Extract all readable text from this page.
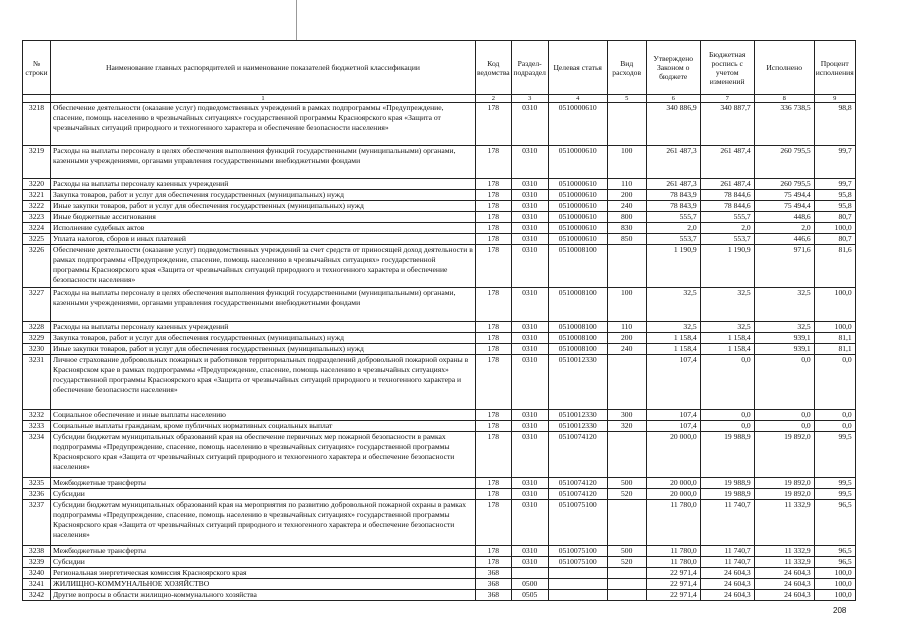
№ строки	Наименование главных распорядителей и наименование показателей бюджетной классификации	Код ведомства	Раздел-подраздел	Целевая статья	Вид расходов	Утверждено Законом о бюджете	Бюджетная роспись с учетом изменений	Исполнено	Процент исполнения
	1	2	3	4	5	6	7	8	9
3218	Обеспечение деятельности (оказание услуг) подведомственных учреждений в рамках подпрограммы «Предупреждение, спасение, помощь населению в чрезвычайных ситуациях» государственной программы Красноярского края «Защита от чрезвычайных ситуаций природного и техногенного характера и обеспечение безопасности населения»	178	0310	0510000610		340 886,9	340 887,7	336 738,5	98,8
3219	Расходы на выплаты персоналу в целях обеспечения выполнения функций государственными (муниципальными) органами, казенными учреждениями, органами управления государственными внебюджетными фондами	178	0310	0510000610	100	261 487,3	261 487,4	260 795,5	99,7
3220	Расходы на выплаты персоналу казенных учреждений	178	0310	0510000610	110	261 487,3	261 487,4	260 795,5	99,7
3221	Закупка товаров, работ и услуг для обеспечения государственных (муниципальных) нужд	178	0310	0510000610	200	78 843,9	78 844,6	75 494,4	95,8
3222	Иные закупки товаров, работ и услуг для обеспечения государственных (муниципальных) нужд	178	0310	0510000610	240	78 843,9	78 844,6	75 494,4	95,8
3223	Иные бюджетные ассигнования	178	0310	0510000610	800	555,7	555,7	448,6	80,7
3224	Исполнение судебных актов	178	0310	0510000610	830	2,0	2,0	2,0	100,0
3225	Уплата налогов, сборов и иных платежей	178	0310	0510000610	850	553,7	553,7	446,6	80,7
3226	Обеспечение деятельности (оказание услуг) подведомственных учреждений за счет средств от приносящей доход деятельности в рамках подпрограммы «Предупреждение, спасение, помощь населению в чрезвычайных ситуациях» государственной программы Красноярского края «Защита от чрезвычайных ситуаций природного и техногенного характера и обеспечение безопасности населения»	178	0310	0510008100		1 190,9	1 190,9	971,6	81,6
3227	Расходы на выплаты персоналу в целях обеспечения выполнения функций государственными (муниципальными) органами, казенными учреждениями, органами управления государственными внебюджетными фондами	178	0310	0510008100	100	32,5	32,5	32,5	100,0
3228	Расходы на выплаты персоналу казенных учреждений	178	0310	0510008100	110	32,5	32,5	32,5	100,0
3229	Закупка товаров, работ и услуг для обеспечения государственных (муниципальных) нужд	178	0310	0510008100	200	1 158,4	1 158,4	939,1	81,1
3230	Иные закупки товаров, работ и услуг для обеспечения государственных (муниципальных) нужд	178	0310	0510008100	240	1 158,4	1 158,4	939,1	81,1
3231	Личное страхование добровольных пожарных и работников территориальных подразделений добровольной пожарной охраны в Красноярском крае в рамках подпрограммы «Предупреждение, спасение, помощь населению в чрезвычайных ситуациях» государственной программы Красноярского края «Защита от чрезвычайных ситуаций природного и техногенного характера и обеспечение безопасности населения»	178	0310	0510012330		107,4	0,0	0,0	0,0
3232	Социальное обеспечение и иные выплаты населению	178	0310	0510012330	300	107,4	0,0	0,0	0,0
3233	Социальные выплаты гражданам, кроме публичных нормативных социальных выплат	178	0310	0510012330	320	107,4	0,0	0,0	0,0
3234	Субсидии бюджетам муниципальных образований края на обеспечение первичных мер пожарной безопасности в рамках подпрограммы «Предупреждение, спасение, помощь населению в чрезвычайных ситуациях» государственной программы Красноярского края «Защита от чрезвычайных ситуаций природного и техногенного характера и обеспечение безопасности населения»	178	0310	0510074120		20 000,0	19 988,9	19 892,0	99,5
3235	Межбюджетные трансферты	178	0310	0510074120	500	20 000,0	19 988,9	19 892,0	99,5
3236	Субсидии	178	0310	0510074120	520	20 000,0	19 988,9	19 892,0	99,5
3237	Субсидии бюджетам муниципальных образований края на мероприятия по развитию добровольной пожарной охраны в рамках подпрограммы «Предупреждение, спасение, помощь населению в чрезвычайных ситуациях» государственной программы Красноярского края «Защита от чрезвычайных ситуаций природного и техногенного характера и обеспечение безопасности населения»	178	0310	0510075100		11 780,0	11 740,7	11 332,9	96,5
3238	Межбюджетные трансферты	178	0310	0510075100	500	11 780,0	11 740,7	11 332,9	96,5
3239	Субсидии	178	0310	0510075100	520	11 780,0	11 740,7	11 332,9	96,5
3240	Региональная энергетическая комиссия Красноярского края	368				22 971,4	24 604,3	24 604,3	100,0
3241	ЖИЛИЩНО-КОММУНАЛЬНОЕ ХОЗЯЙСТВО	368	0500			22 971,4	24 604,3	24 604,3	100,0
3242	Другие вопросы в области жилищно-коммунального хозяйства	368	0505			22 971,4	24 604,3	24 604,3	100,0
208
